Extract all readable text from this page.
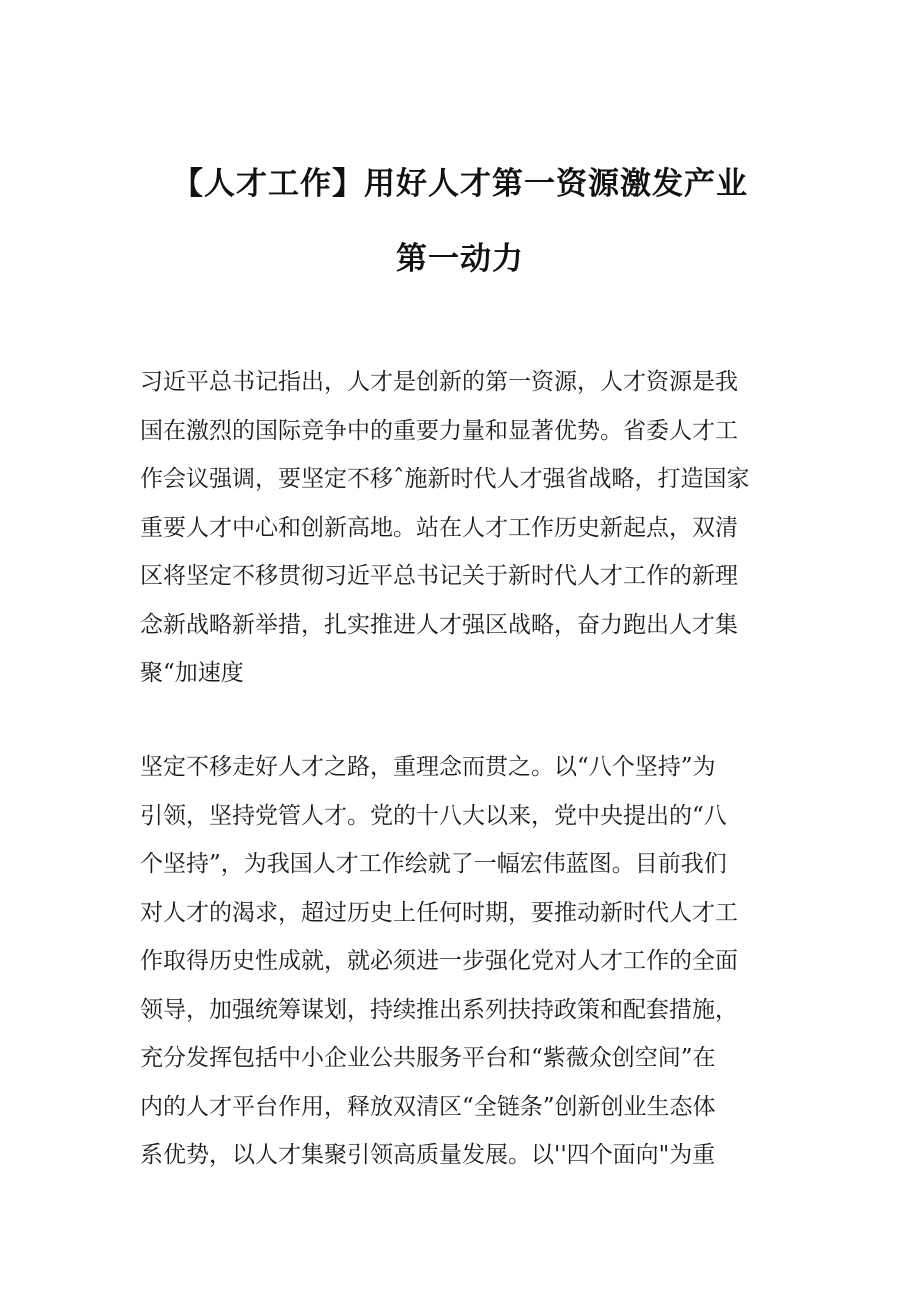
【人才工作】用好人才第一资源激发产业
第一动力
习近平总书记指出，人才是创新的第一资源，人才资源是我
国在激烈的国际竞争中的重要力量和显著优势。省委人才工
作会议强调，要坚定不移ˆ施新时代人才强省战略，打造国家
重要人才中心和创新高地。站在人才工作历史新起点，双清
区将坚定不移贯彻习近平总书记关于新时代人才工作的新理
念新战略新举措，扎实推进人才强区战略，奋力跑出人才集
聚“加速度
坚定不移走好人才之路，重理念而贯之。以“八个坚持”为
引领，坚持党管人才。党的十八大以来，党中央提出的“八
个坚持”，为我国人才工作绘就了一幅宏伟蓝图。目前我们
对人才的渴求，超过历史上任何时期，要推动新时代人才工
作取得历史性成就，就必须进一步强化党对人才工作的全面
领导，加强统筹谋划，持续推出系列扶持政策和配套措施，
充分发挥包括中小企业公共服务平台和“紫薇众创空间”在
内的人才平台作用，释放双清区“全链条”创新创业生态体
系优势，以人才集聚引领高质量发展。以''四个面向"为重
